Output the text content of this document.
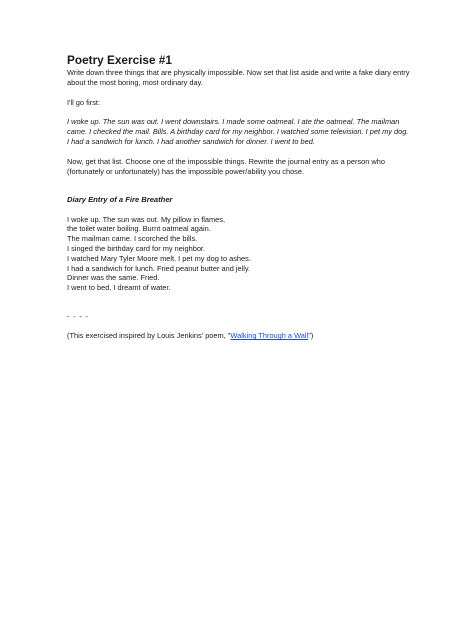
Poetry Exercise #1

Write down three things that are physically impossible. Now set that list aside and write a fake diary entry about the most boring, most ordinary day.

I'll go first:

I woke up. The sun was out. I went downstairs. I made some oatmeal. I ate the oatmeal. The mailman came. I checked the mail. Bills. A birthday card for my neighbor. I watched some television. I pet my dog. I had a sandwich for lunch. I had another sandwich for dinner. I went to bed.

Now, get that list. Choose one of the impossible things. Rewrite the journal entry as a person who (fortunately or unfortunately) has the impossible power/ability you chose.

Diary Entry of a Fire Breather

I woke up. The sun was out. My pillow in flames,
the toilet water boiling. Burnt oatmeal again.
The mailman came. I scorched the bills.
I singed the birthday card for my neighbor.
I watched Mary Tyler Moore melt. I pet my dog to ashes.
I had a sandwich for lunch. Fried peanut butter and jelly.
Dinner was the same. Fried.
I went to bed. I dreamt of water.

- - - -

(This exercised inspired by Louis Jenkins' poem, "Walking Through a Wall")
